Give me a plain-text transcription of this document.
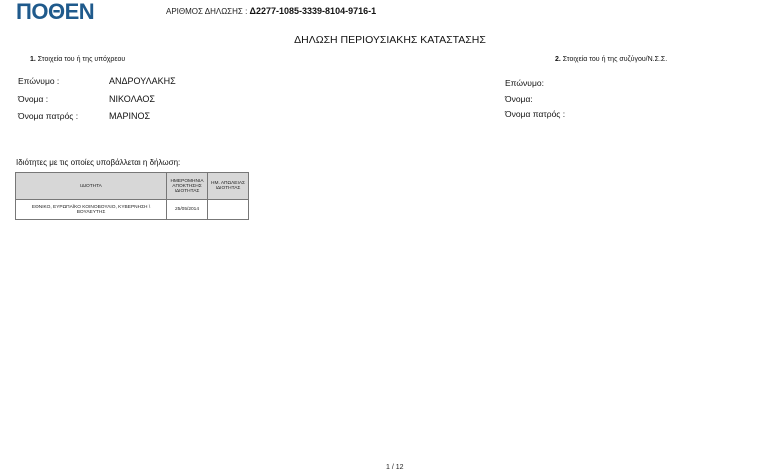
ΠΟΘΕΝ	ΑΡΙΘΜΟΣ ΔΗΛΩΣΗΣ : Δ2277-1085-3339-8104-9716-1
ΔΗΛΩΣΗ ΠΕΡΙΟΥΣΙΑΚΗΣ ΚΑΤΑΣΤΑΣΗΣ
1. Στοιχεία του ή της υπόχρεου	2. Στοιχεία του ή της συζύγου/Ν.Σ.Σ.
Επώνυμο :	ΑΝΔΡΟΥΛΑΚΗΣ
Όνομα :	ΝΙΚΟΛΑΟΣ
Όνομα πατρός :	ΜΑΡΙΝΟΣ
Επώνυμο:
Όνομα:
Όνομα πατρός :
Ιδιότητες με τις οποίες υποβάλλεται η δήλωση:
ΙΔΙΟΤΗΤΑ	ΗΜΕΡΟΜΗΝΙΑ ΑΠΟΚΤΗΣΗΣ ΙΔΙΟΤΗΤΑΣ	ΗΜ. ΑΠΩΛΕΙΑΣ ΙΔΙΟΤΗΤΑΣ
ΕΘΝΙΚΟ, ΕΥΡΩΠΑΪΚΟ ΚΟΙΝΟΒΟΥΛΙΟ, ΚΥΒΕΡΝΗΣΗ \ ΒΟΥΛΕΥΤΗΣ	25/05/2014	
1 / 12
